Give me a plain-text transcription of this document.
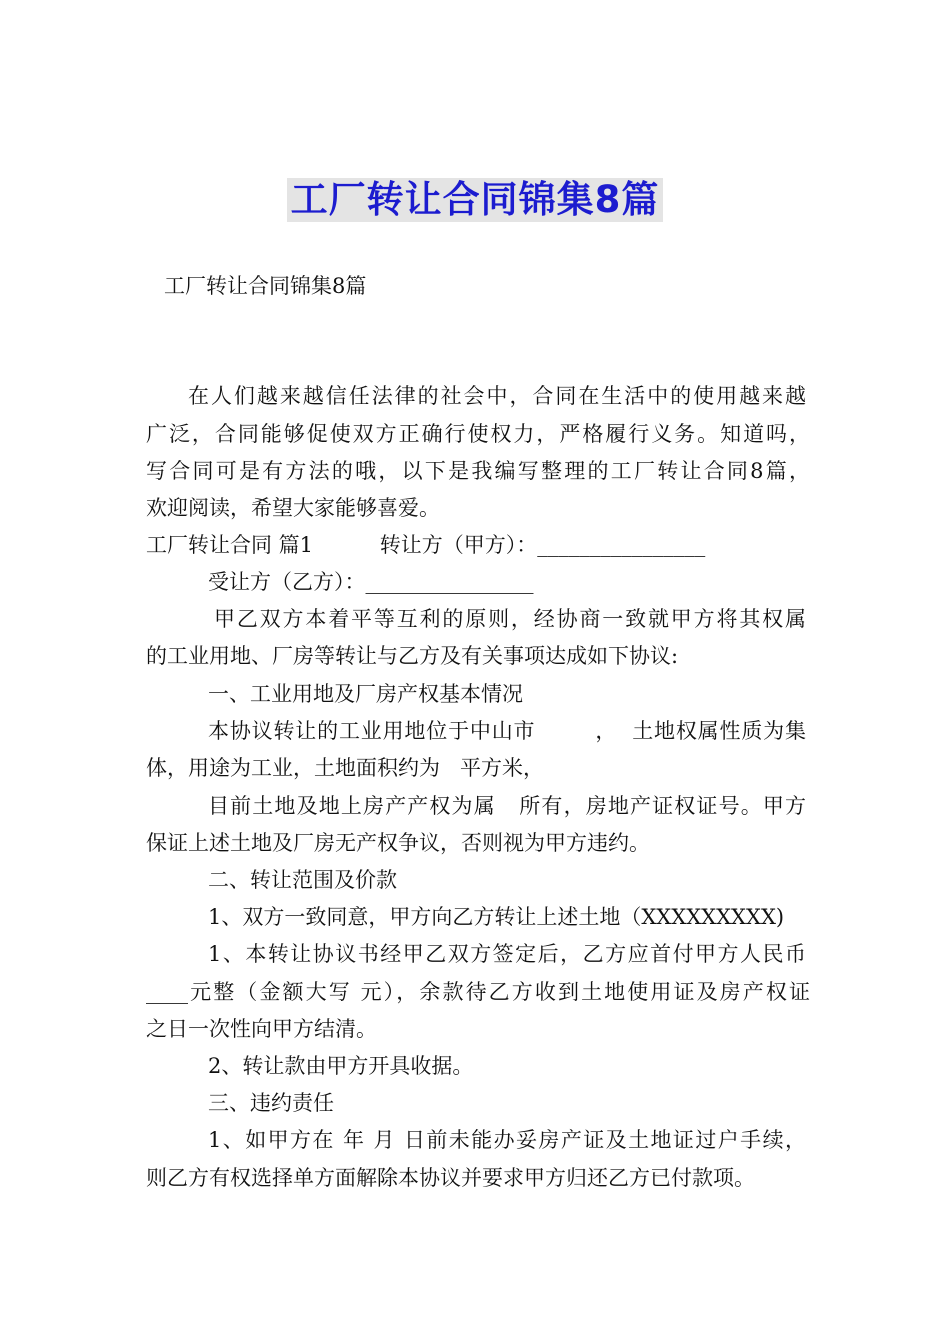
工厂转让合同锦集8篇
工厂转让合同锦集8篇
在人们越来越信任法律的社会中，合同在生活中的使用越来越
广泛，合同能够促使双方正确行使权力，严格履行义务。知道吗，
写合同可是有方法的哦，以下是我编写整理的工厂转让合同8篇，
欢迎阅读，希望大家能够喜爱。
工厂转让合同 篇1          转让方（甲方）：________________
受让方（乙方）：________________
甲乙双方本着平等互利的原则，经协商一致就甲方将其权属
的工业用地、厂房等转让与乙方及有关事项达成如下协议:
一、工业用地及厂房产权基本情况
本协议转让的工业用地位于中山市        ，  土地权属性质为集
体，用途为工业，土地面积约为   平方米，
目前土地及地上房产产权为属   所有，房地产证权证号。甲方
保证上述土地及厂房无产权争议，否则视为甲方违约。
二、转让范围及价款
1、双方一致同意，甲方向乙方转让上述土地（XXXXXXXXX)
1、本转让协议书经甲乙双方签定后，乙方应首付甲方人民币
____元整（金额大写 元），余款待乙方收到土地使用证及房产权证
之日一次性向甲方结清。
2、转让款由甲方开具收据。
三、违约责任
1、如甲方在 年 月 日前未能办妥房产证及土地证过户手续，
则乙方有权选择单方面解除本协议并要求甲方归还乙方已付款项。
